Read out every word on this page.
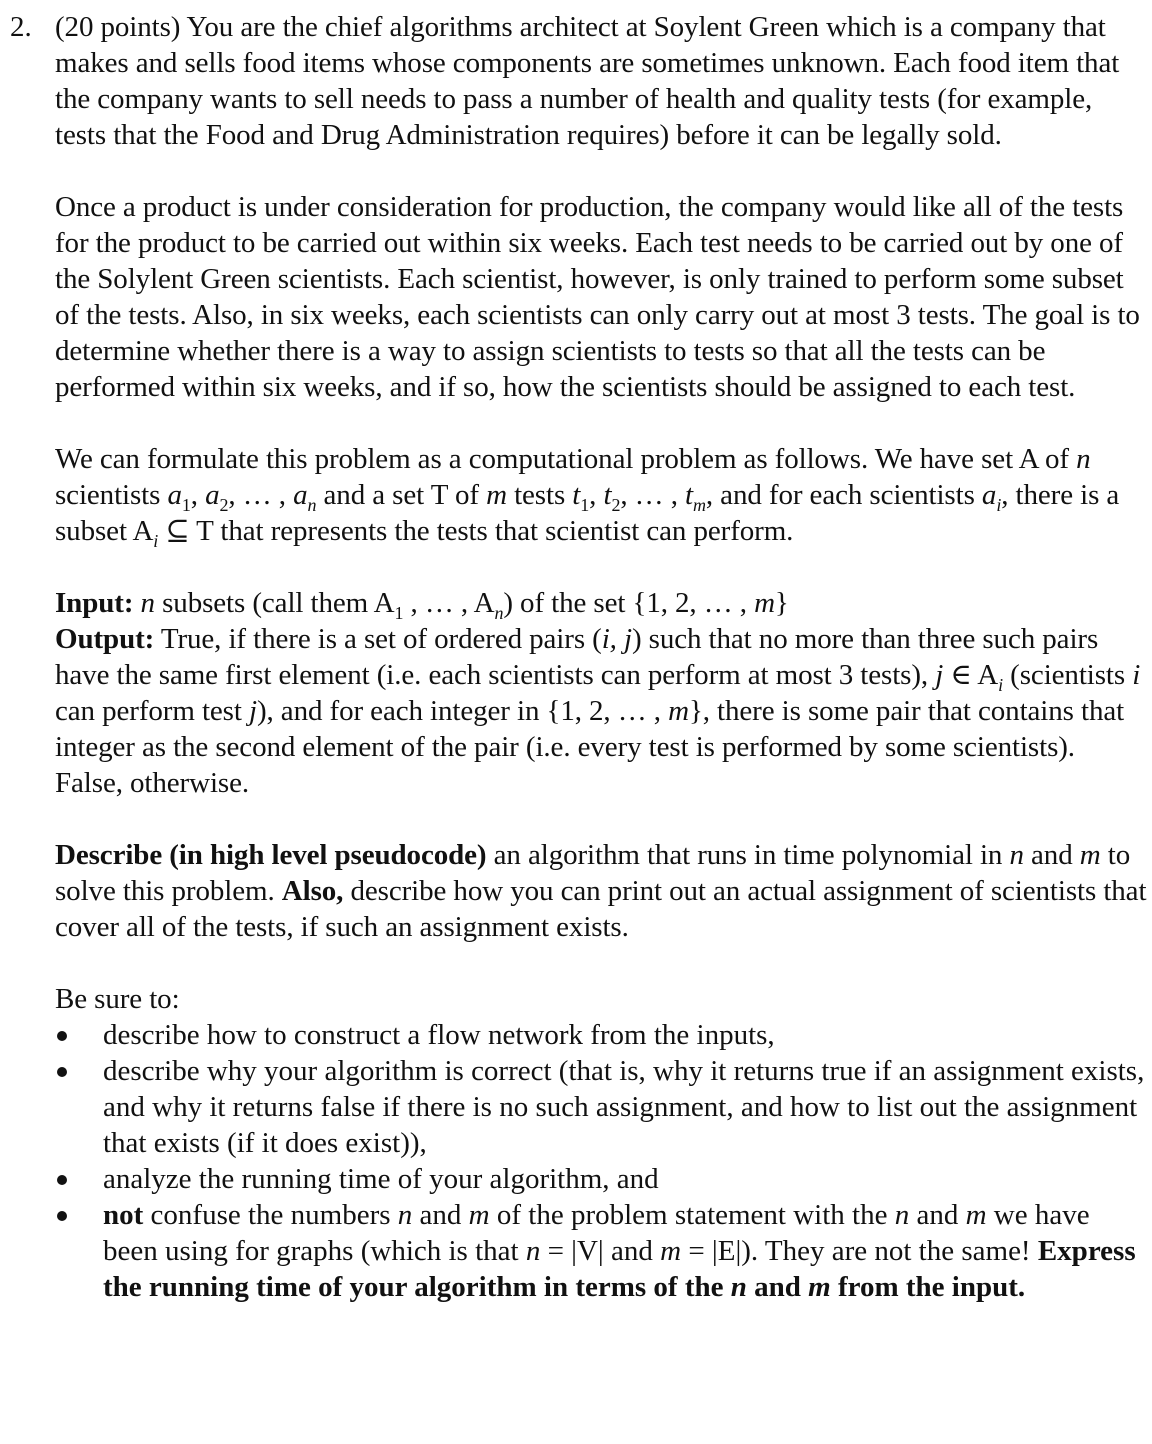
2. (20 points) You are the chief algorithms architect at Soylent Green which is a company that makes and sells food items whose components are sometimes unknown. Each food item that the company wants to sell needs to pass a number of health and quality tests (for example, tests that the Food and Drug Administration requires) before it can be legally sold.

Once a product is under consideration for production, the company would like all of the tests for the product to be carried out within six weeks. Each test needs to be carried out by one of the Solylent Green scientists. Each scientist, however, is only trained to perform some subset of the tests. Also, in six weeks, each scientists can only carry out at most 3 tests. The goal is to determine whether there is a way to assign scientists to tests so that all the tests can be performed within six weeks, and if so, how the scientists should be assigned to each test.

We can formulate this problem as a computational problem as follows. We have set A of n scientists $a_1$, $a_2$, … , $a_n$ and a set T of m tests $t_1$, $t_2$, … , $t_m$, and for each scientists $a_i$, there is a subset $A_i$ ⊆ T that represents the tests that scientist can perform.

Input: n subsets (call them $A_1$ , … , $A_n$) of the set {1, 2, … , m}

Output: True, if there is a set of ordered pairs (i, j) such that no more than three such pairs have the same first element (i.e. each scientists can perform at most 3 tests), j ∈ $A_i$ (scientists i can perform test j), and for each integer in {1, 2, … , m}, there is some pair that contains that integer as the second element of the pair (i.e. every test is performed by some scientists). False, otherwise.

Describe (in high level pseudocode) an algorithm that runs in time polynomial in n and m to solve this problem. Also, describe how you can print out an actual assignment of scientists that cover all of the tests, if such an assignment exists.

Be sure to:

describe how to construct a flow network from the inputs,
describe why your algorithm is correct (that is, why it returns true if an assignment exists, and why it returns false if there is no such assignment, and how to list out the assignment that exists (if it does exist)),
analyze the running time of your algorithm, and
not confuse the numbers n and m of the problem statement with the n and m we have been using for graphs (which is that n = |V| and m = |E|). They are not the same! Express the running time of your algorithm in terms of the n and m from the input.
